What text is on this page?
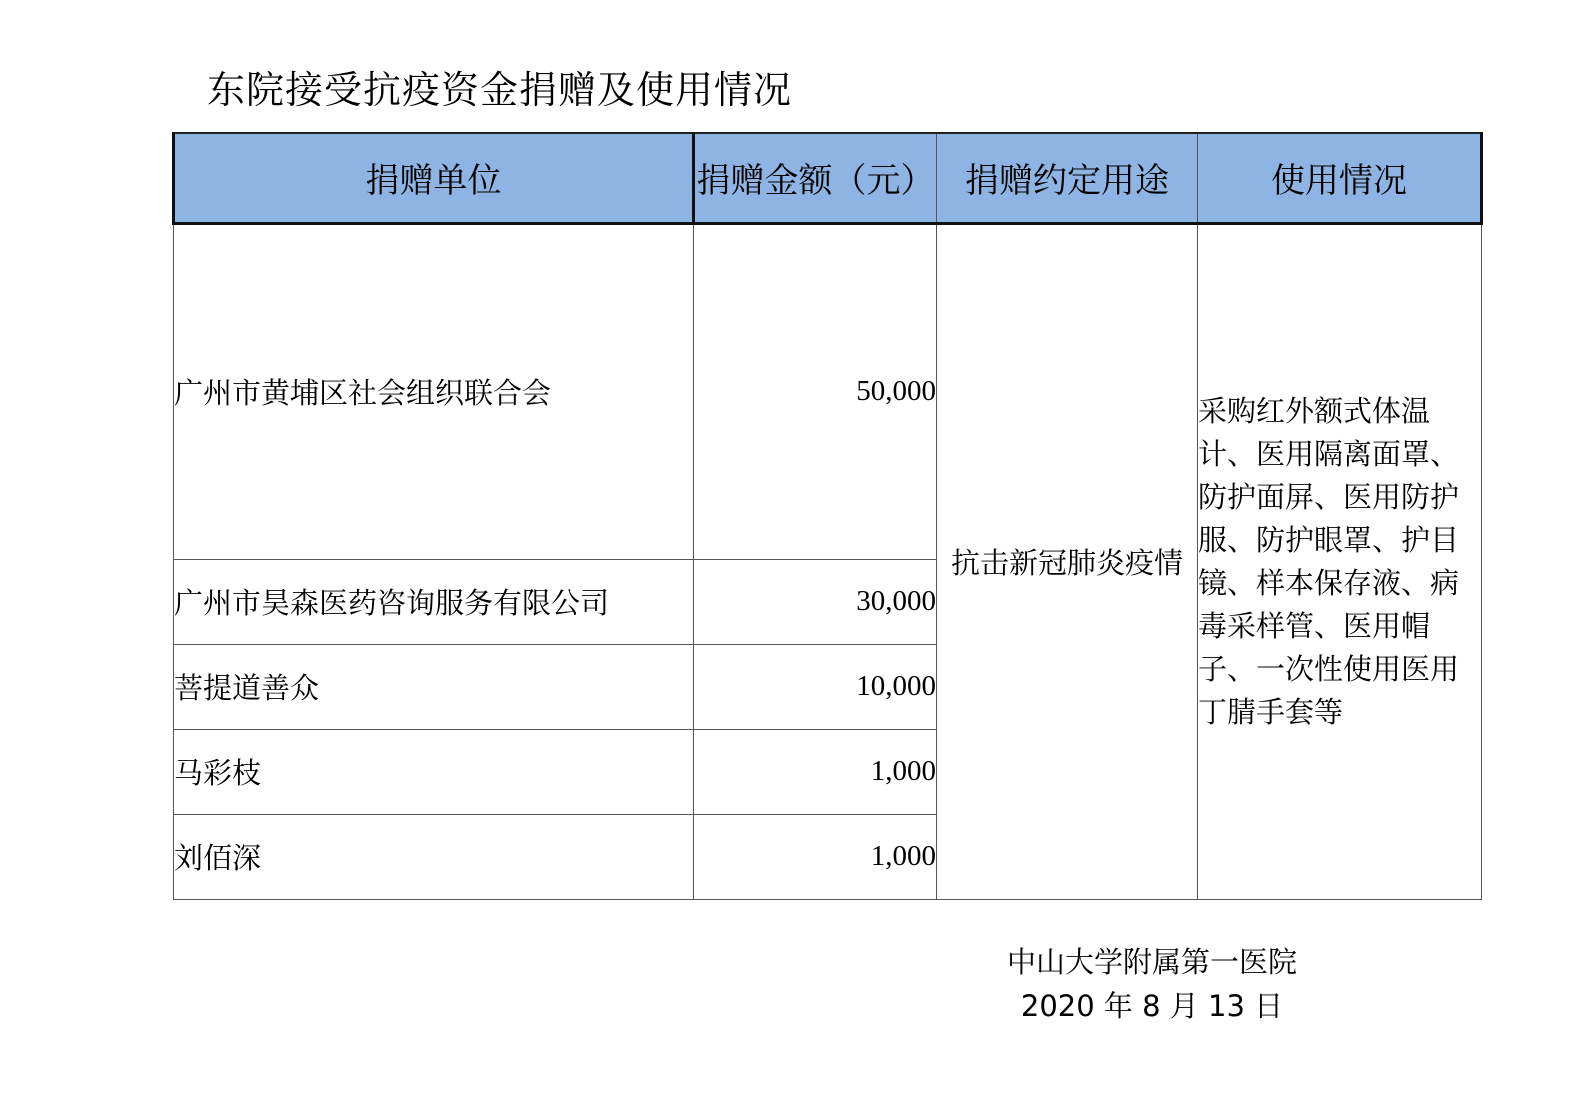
东院接受抗疫资金捐赠及使用情况
捐赠单位	捐赠金额（元）	捐赠约定用途	使用情况
广州市黄埔区社会组织联合会	50,000	抗击新冠肺炎疫情	采购红外额式体温计、医用隔离面罩、防护面屏、医用防护服、防护眼罩、护目镜、样本保存液、病毒采样管、医用帽子、一次性使用医用丁腈手套等
广州市昊森医药咨询服务有限公司	30,000		
菩提道善众	10,000		
马彩枝	1,000		
刘佰深	1,000		
中山大学附属第一医院
2020 年 8 月 13 日
